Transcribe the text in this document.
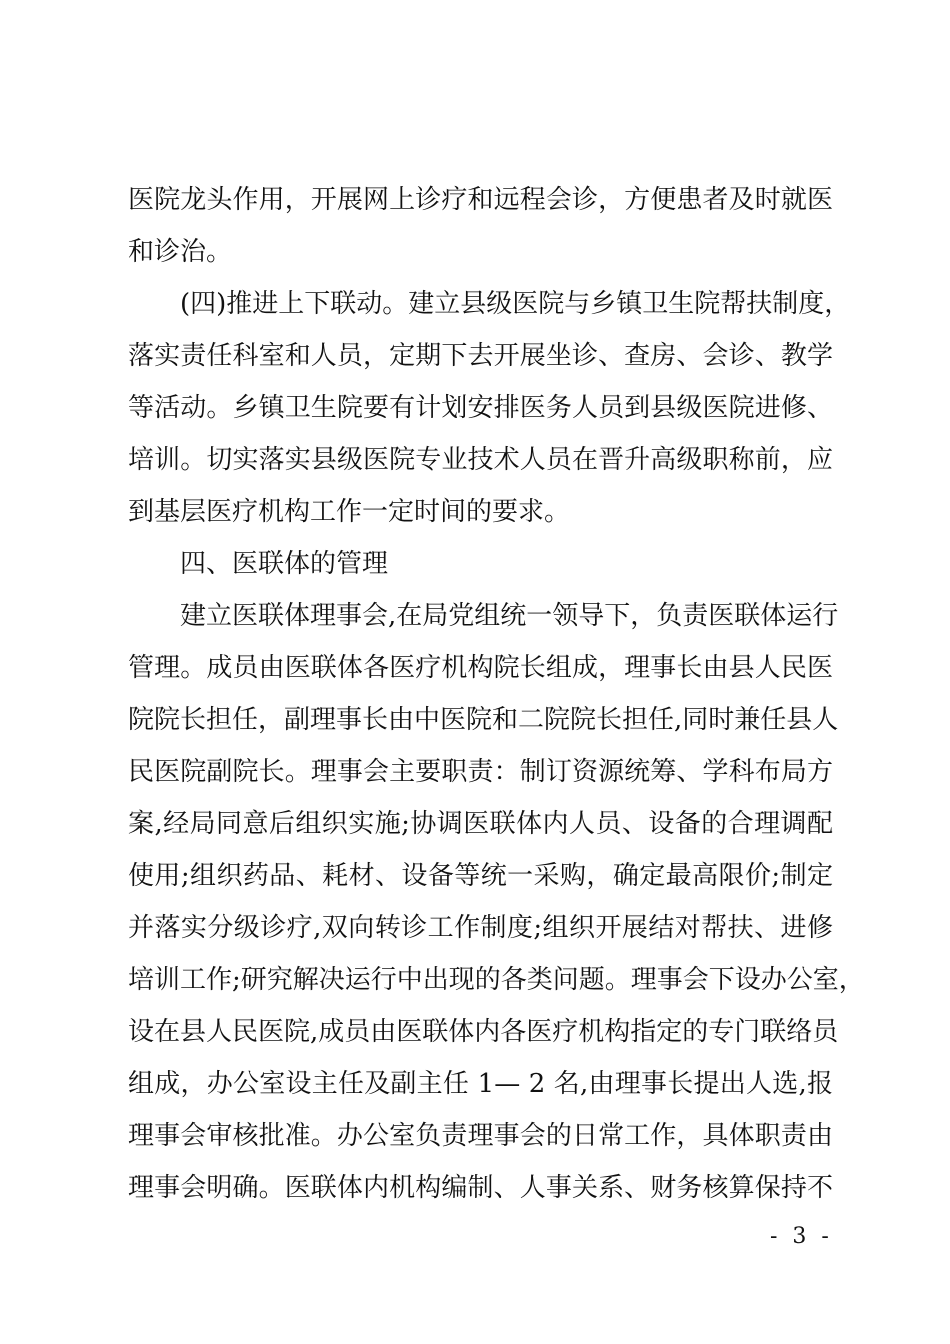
医院龙头作用，开展网上诊疗和远程会诊，方便患者及时就医
和诊治。
(四)推进上下联动。建立县级医院与乡镇卫生院帮扶制度，
落实责任科室和人员，定期下去开展坐诊、查房、会诊、教学
等活动。乡镇卫生院要有计划安排医务人员到县级医院进修、
培训。切实落实县级医院专业技术人员在晋升高级职称前，应
到基层医疗机构工作一定时间的要求。
四、医联体的管理
建立医联体理事会,在局党组统一领导下，负责医联体运行
管理。成员由医联体各医疗机构院长组成，理事长由县人民医
院院长担任，副理事长由中医院和二院院长担任,同时兼任县人
民医院副院长。理事会主要职责：制订资源统筹、学科布局方
案,经局同意后组织实施;协调医联体内人员、设备的合理调配
使用;组织药品、耗材、设备等统一采购，确定最高限价;制定
并落实分级诊疗,双向转诊工作制度;组织开展结对帮扶、进修
培训工作;研究解决运行中出现的各类问题。理事会下设办公室，
设在县人民医院,成员由医联体内各医疗机构指定的专门联络员
组成，办公室设主任及副主任 1— 2 名,由理事长提出人选,报
理事会审核批准。办公室负责理事会的日常工作，具体职责由
理事会明确。医联体内机构编制、人事关系、财务核算保持不
- 3 -
